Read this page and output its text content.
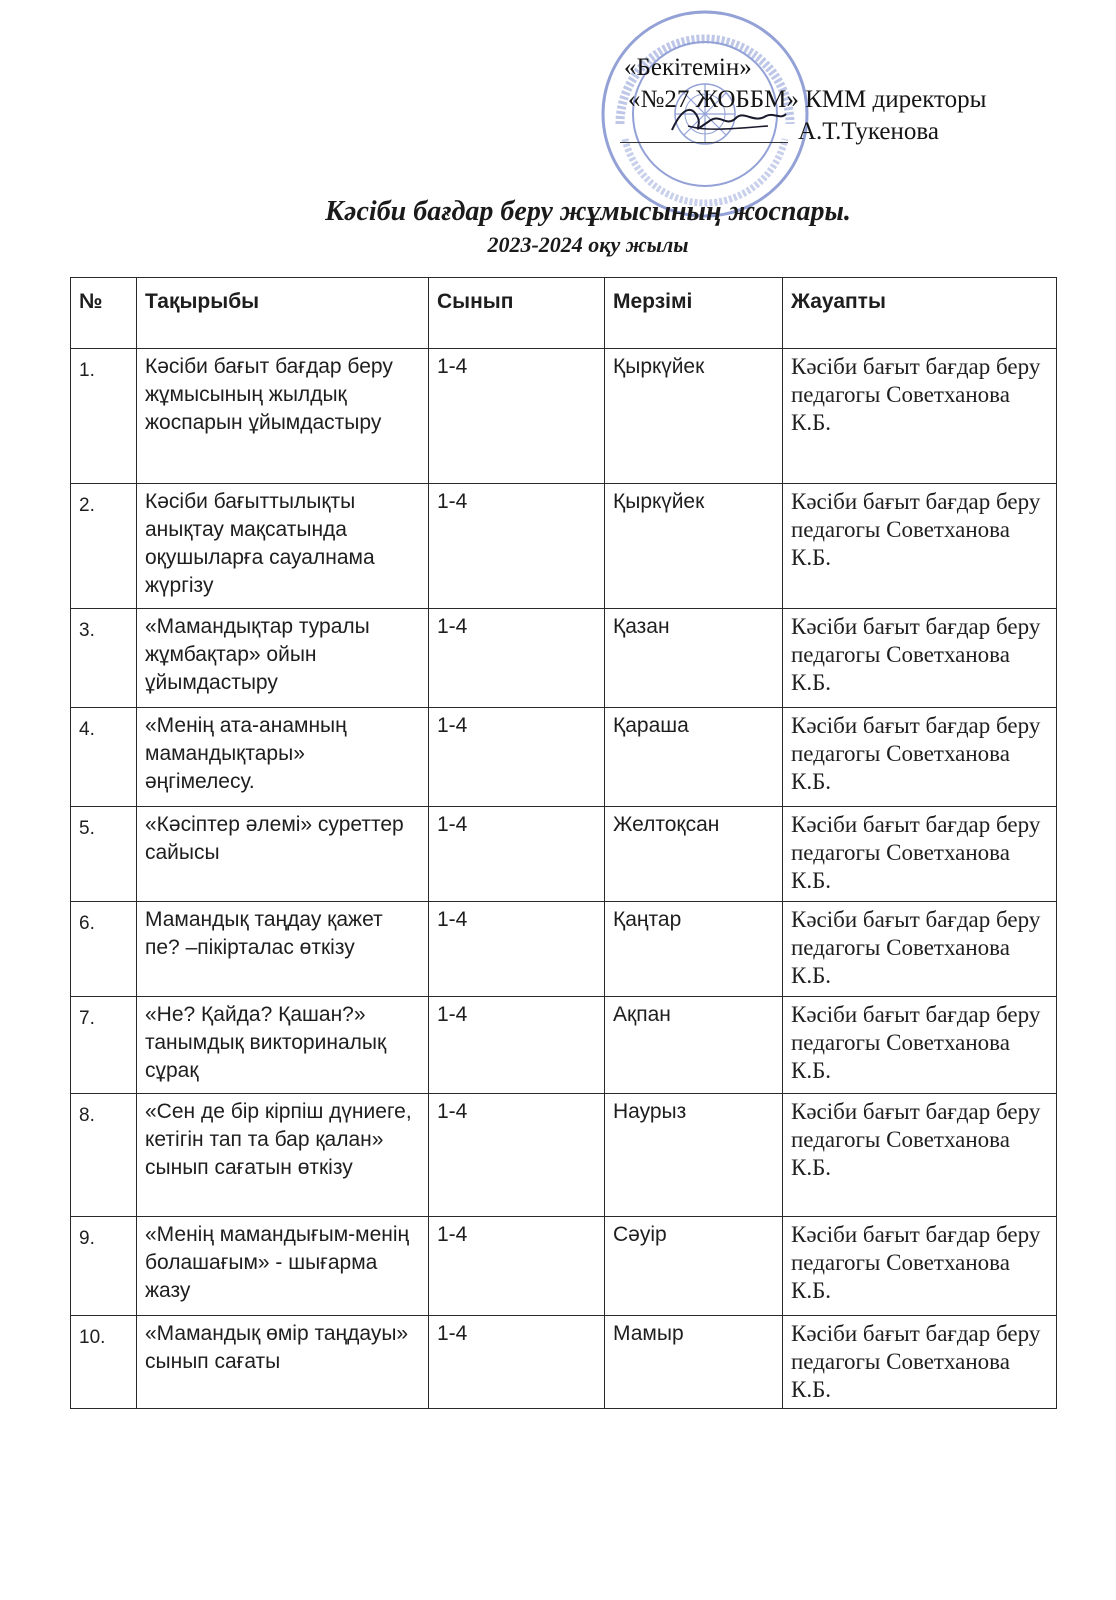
«Бекітемін»
«№27 ЖОББМ» КММ директоры
А.Т.Тукенова
Кәсіби бағдар беру жұмысының жоспары.
2023-2024 оқу жылы
№	Тақырыбы	Сынып	Мерзімі	Жауапты
1.	Кәсіби бағыт бағдар беру жұмысының жылдық жоспарын ұйымдастыру	1-4	Қыркүйек	Кәсіби бағыт бағдар беру педагогы Советханова К.Б.
2.	Кәсіби бағыттылықты анықтау мақсатында оқушыларға сауалнама жүргізу	1-4	Қыркүйек	Кәсіби бағыт бағдар беру педагогы Советханова К.Б.
3.	«Мамандықтар туралы жұмбақтар» ойын ұйымдастыру	1-4	Қазан	Кәсіби бағыт бағдар беру педагогы Советханова К.Б.
4.	«Менің ата-анамның мамандықтары» әңгімелесу.	1-4	Қараша	Кәсіби бағыт бағдар беру педагогы Советханова К.Б.
5.	«Кәсіптер әлемі» суреттер сайысы	1-4	Желтоқсан	Кәсіби бағыт бағдар беру педагогы Советханова К.Б.
6.	Мамандық таңдау қажет пе? –пікірталас өткізу	1-4	Қаңтар	Кәсіби бағыт бағдар беру педагогы Советханова К.Б.
7.	«Не? Қайда? Қашан?» танымдық викториналық сұрақ	1-4	Ақпан	Кәсіби бағыт бағдар беру педагогы Советханова К.Б.
8.	«Сен де бір кірпіш дүниеге, кетігін тап та бар қалан» сынып сағатын өткізу	1-4	Наурыз	Кәсіби бағыт бағдар беру педагогы Советханова К.Б.
9.	«Менің мамандығым-менің болашағым» - шығарма жазу	1-4	Сәуір	Кәсіби бағыт бағдар беру педагогы Советханова К.Б.
10.	«Мамандық өмір таңдауы» сынып сағаты	1-4	Мамыр	Кәсіби бағыт бағдар беру педагогы Советханова К.Б.
